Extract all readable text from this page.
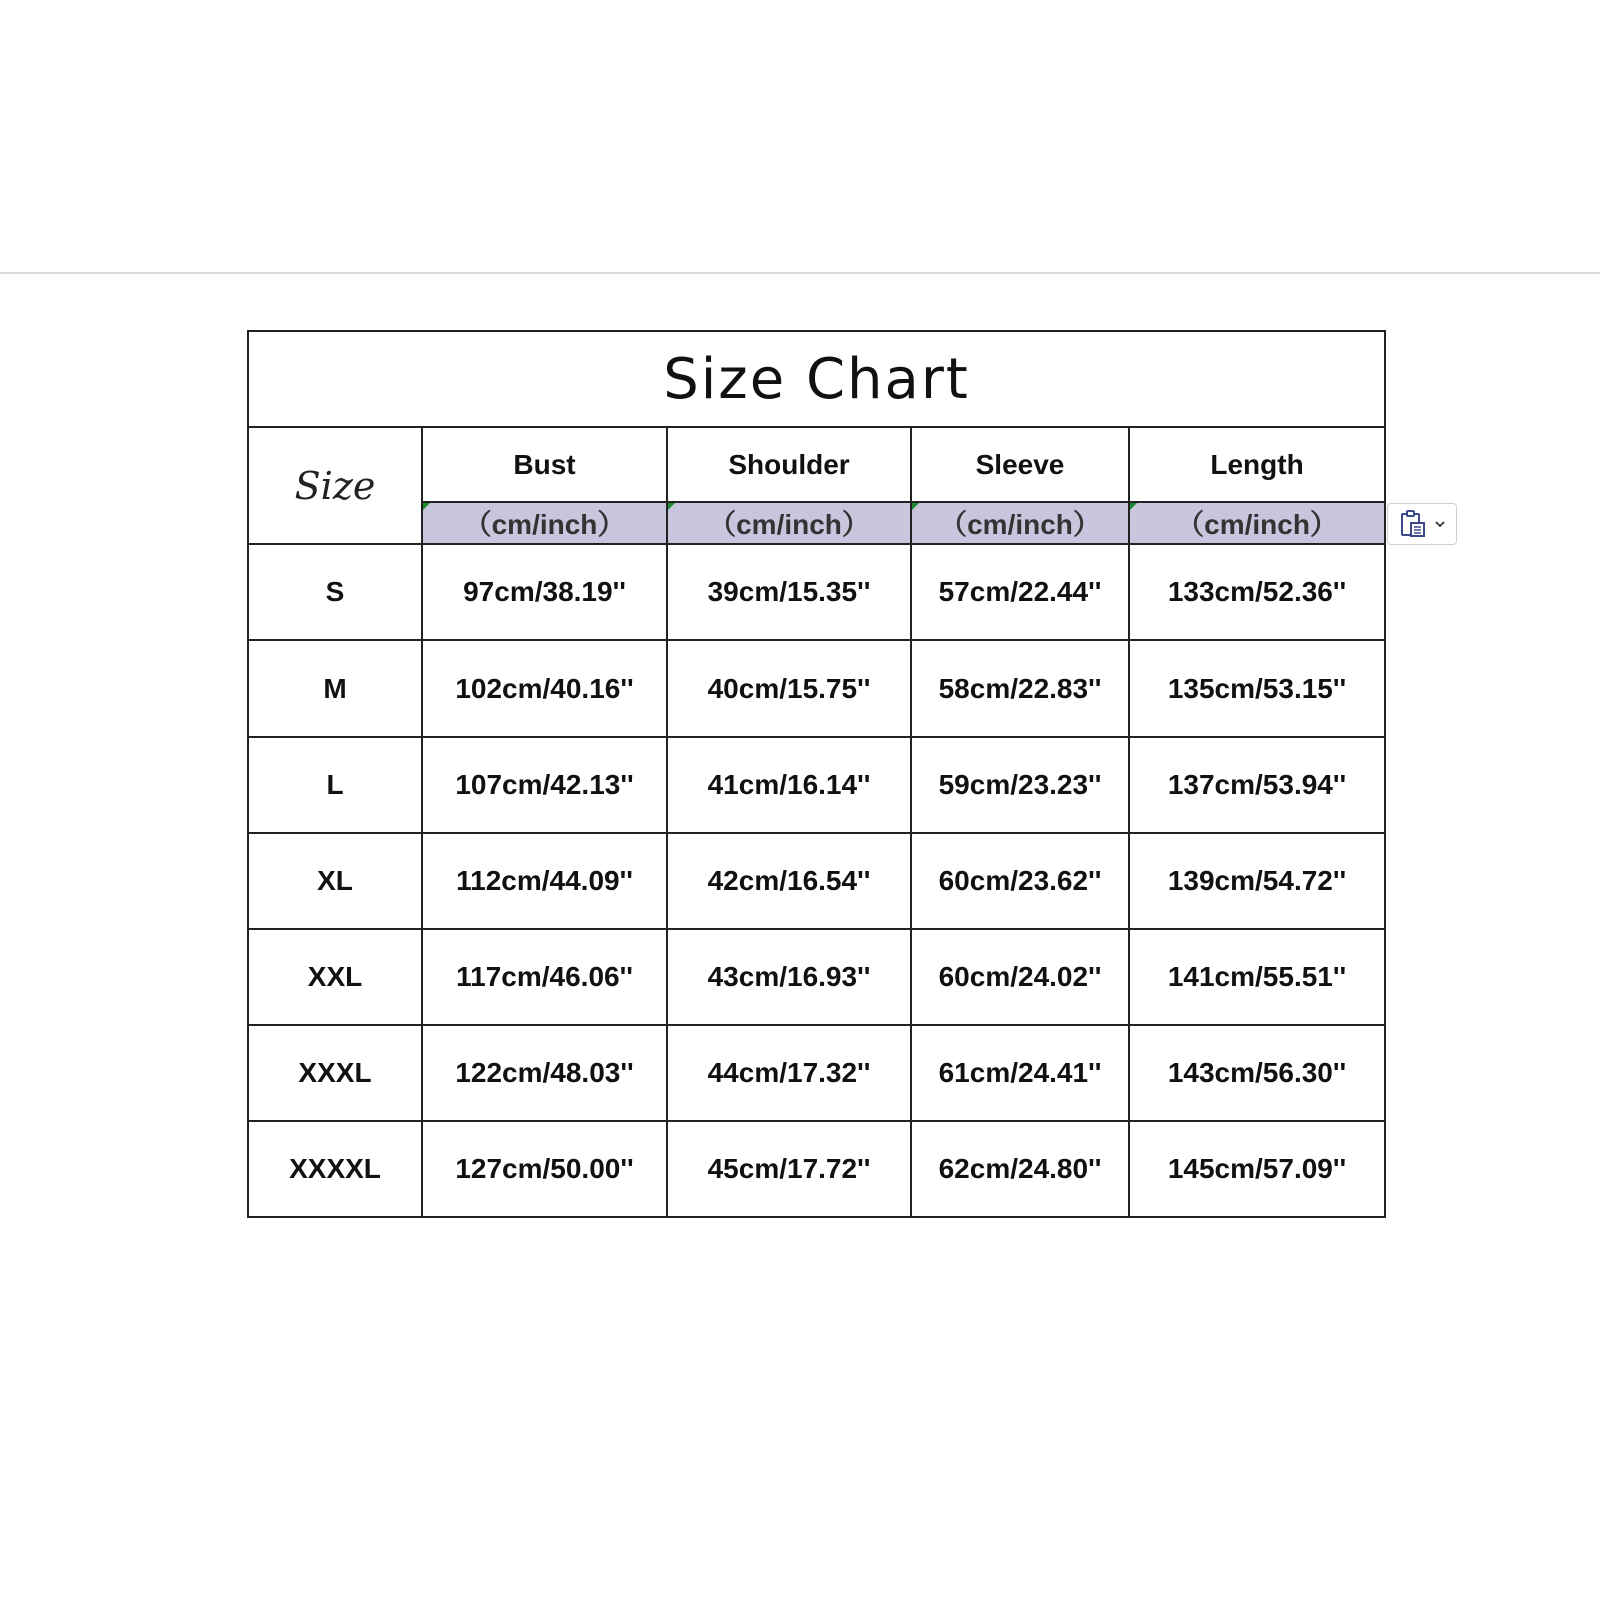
Size Chart				
Size	Bust	Shoulder	Sleeve	Length
	（cm/inch）	（cm/inch）	（cm/inch）	（cm/inch）
S	97cm/38.19''	39cm/15.35''	57cm/22.44''	133cm/52.36''
M	102cm/40.16''	40cm/15.75''	58cm/22.83''	135cm/53.15''
L	107cm/42.13''	41cm/16.14''	59cm/23.23''	137cm/53.94''
XL	112cm/44.09''	42cm/16.54''	60cm/23.62''	139cm/54.72''
XXL	117cm/46.06''	43cm/16.93''	60cm/24.02''	141cm/55.51''
XXXL	122cm/48.03''	44cm/17.32''	61cm/24.41''	143cm/56.30''
XXXXL	127cm/50.00''	45cm/17.72''	62cm/24.80''	145cm/57.09''
